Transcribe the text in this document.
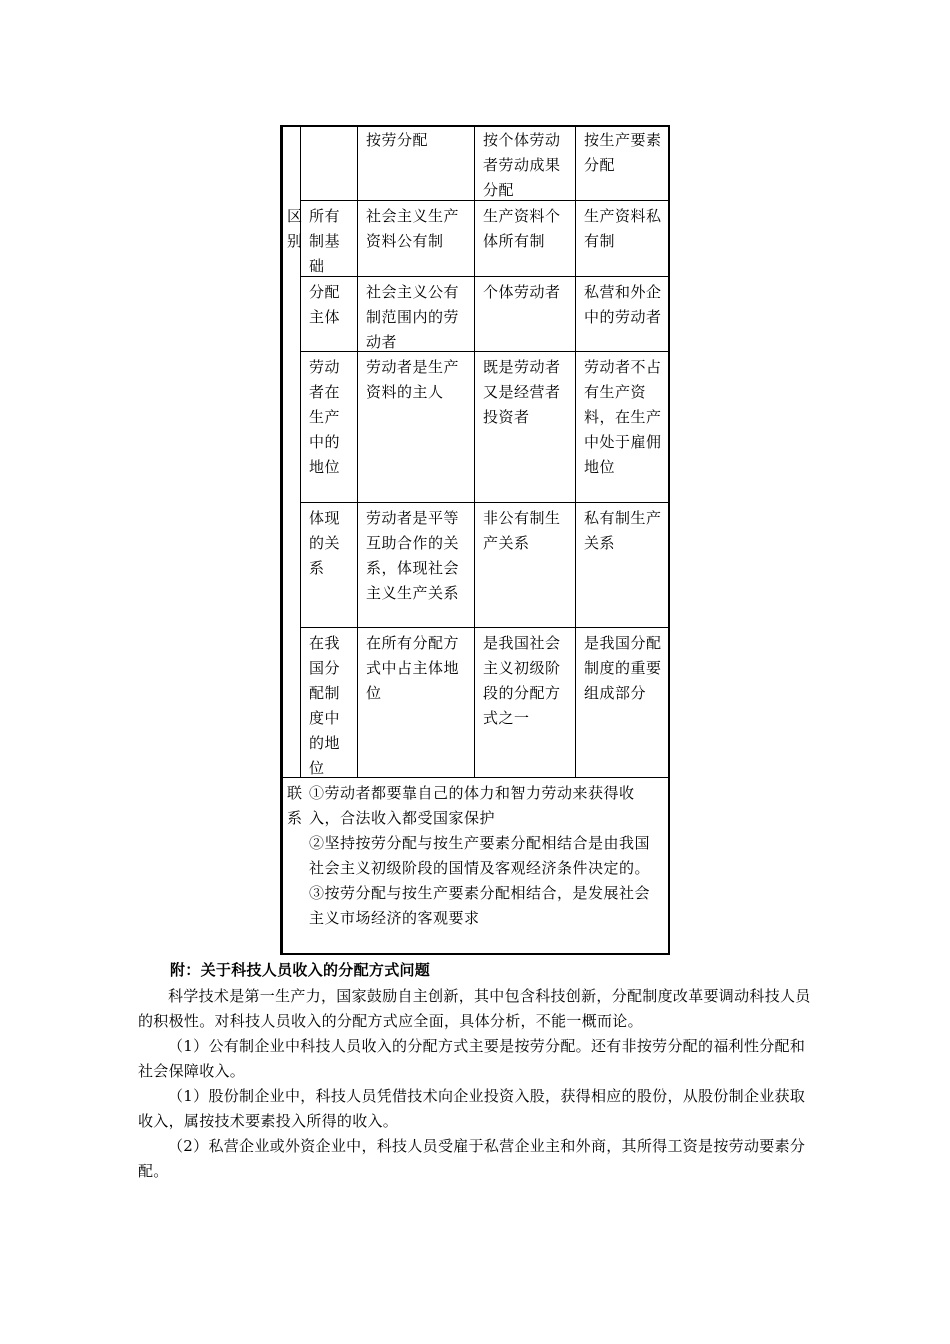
按劳分配	按个体劳动者劳动成果分配
按生产要素分配
区别
所有制基础
社会主义生产资料公有制
生产资料个体所有制
生产资料私有制
分配主体
社会主义公有制范围内的劳动者
个体劳动者	私营和外企中的劳动者
劳动者在生产中的地位
劳动者是生产资料的主人
既是劳动者又是经营者投资者
劳动者不占有生产资料，在生产中处于雇佣地位
体现的关系
劳动者是平等互助合作的关系，体现社会主义生产关系
非公有制生产关系
私有制生产关系
在我国分配制度中的地位
在所有分配方式中占主体地位
是我国社会主义初级阶段的分配方式之一
是我国分配制度的重要组成部分
联系
①劳动者都要靠自己的体力和智力劳动来获得收入，合法收入都受国家保护
②坚持按劳分配与按生产要素分配相结合是由我国社会主义初级阶段的国情及客观经济条件决定的。
③按劳分配与按生产要素分配相结合，是发展社会主义市场经济的客观要求
附：关于科技人员收入的分配方式问题
科学技术是第一生产力，国家鼓励自主创新，其中包含科技创新，分配制度改革要调动科技人员的积极性。对科技人员收入的分配方式应全面，具体分析，不能一概而论。
（1）公有制企业中科技人员收入的分配方式主要是按劳分配。还有非按劳分配的福利性分配和社会保障收入。
（1）股份制企业中，科技人员凭借技术向企业投资入股，获得相应的股份，从股份制企业获取收入，属按技术要素投入所得的收入。
（2）私营企业或外资企业中，科技人员受雇于私营企业主和外商，其所得工资是按劳动要素分配。
